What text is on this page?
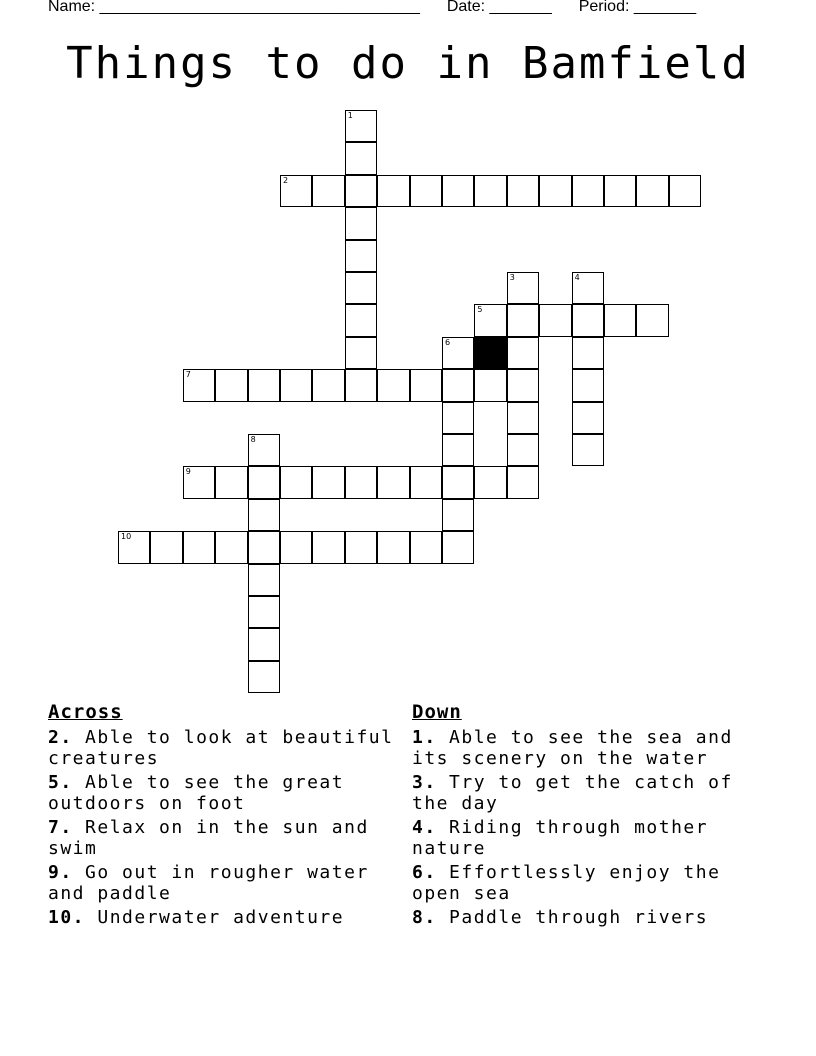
Name: ____________________________________ Date: _______ Period: _______
Things to do in Bamfield
1
2
3	4
5
6
7
8
9
10
Across
2. Able to look at beautiful creatures
5. Able to see the great outdoors on foot
7. Relax on in the sun and swim
9. Go out in rougher water and paddle
10. Underwater adventure
Down
1. Able to see the sea and its scenery on the water
3. Try to get the catch of the day
4. Riding through mother nature
6. Effortlessly enjoy the open sea
8. Paddle through rivers
